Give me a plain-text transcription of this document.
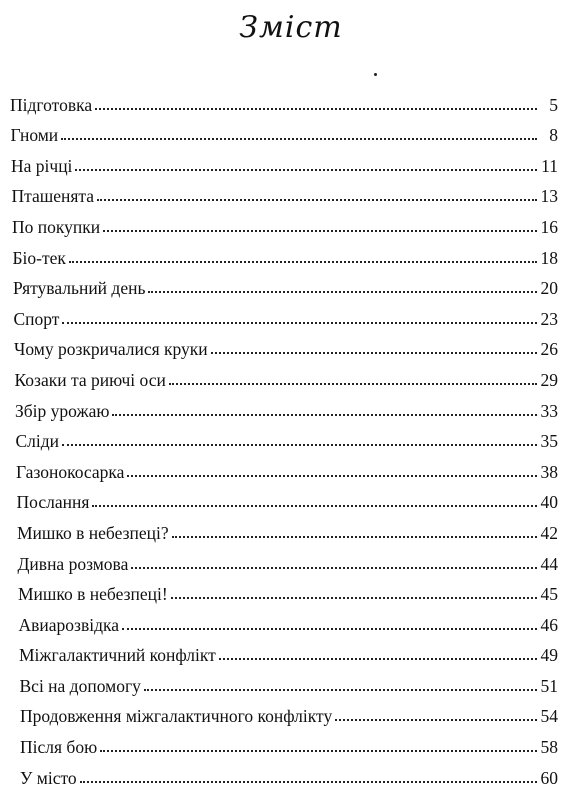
Зміст
Підготовка	5
Гноми	8
На річці	11
Пташенята	13
По покупки	16
Біо-тек	18
Рятувальний день	20
Спорт	23
Чому розкричалися круки	26
Козаки та риючі оси	29
Збір урожаю	33
Сліди	35
Газонокосарка	38
Послання	40
Мишко в небезпеці?	42
Дивна розмова	44
Мишко в небезпеці!	45
Авиарозвідка	46
Міжгалактичний конфлікт	49
Всі на допомогу	51
Продовження міжгалактичного конфлікту	54
Після бою	58
У місто	60
